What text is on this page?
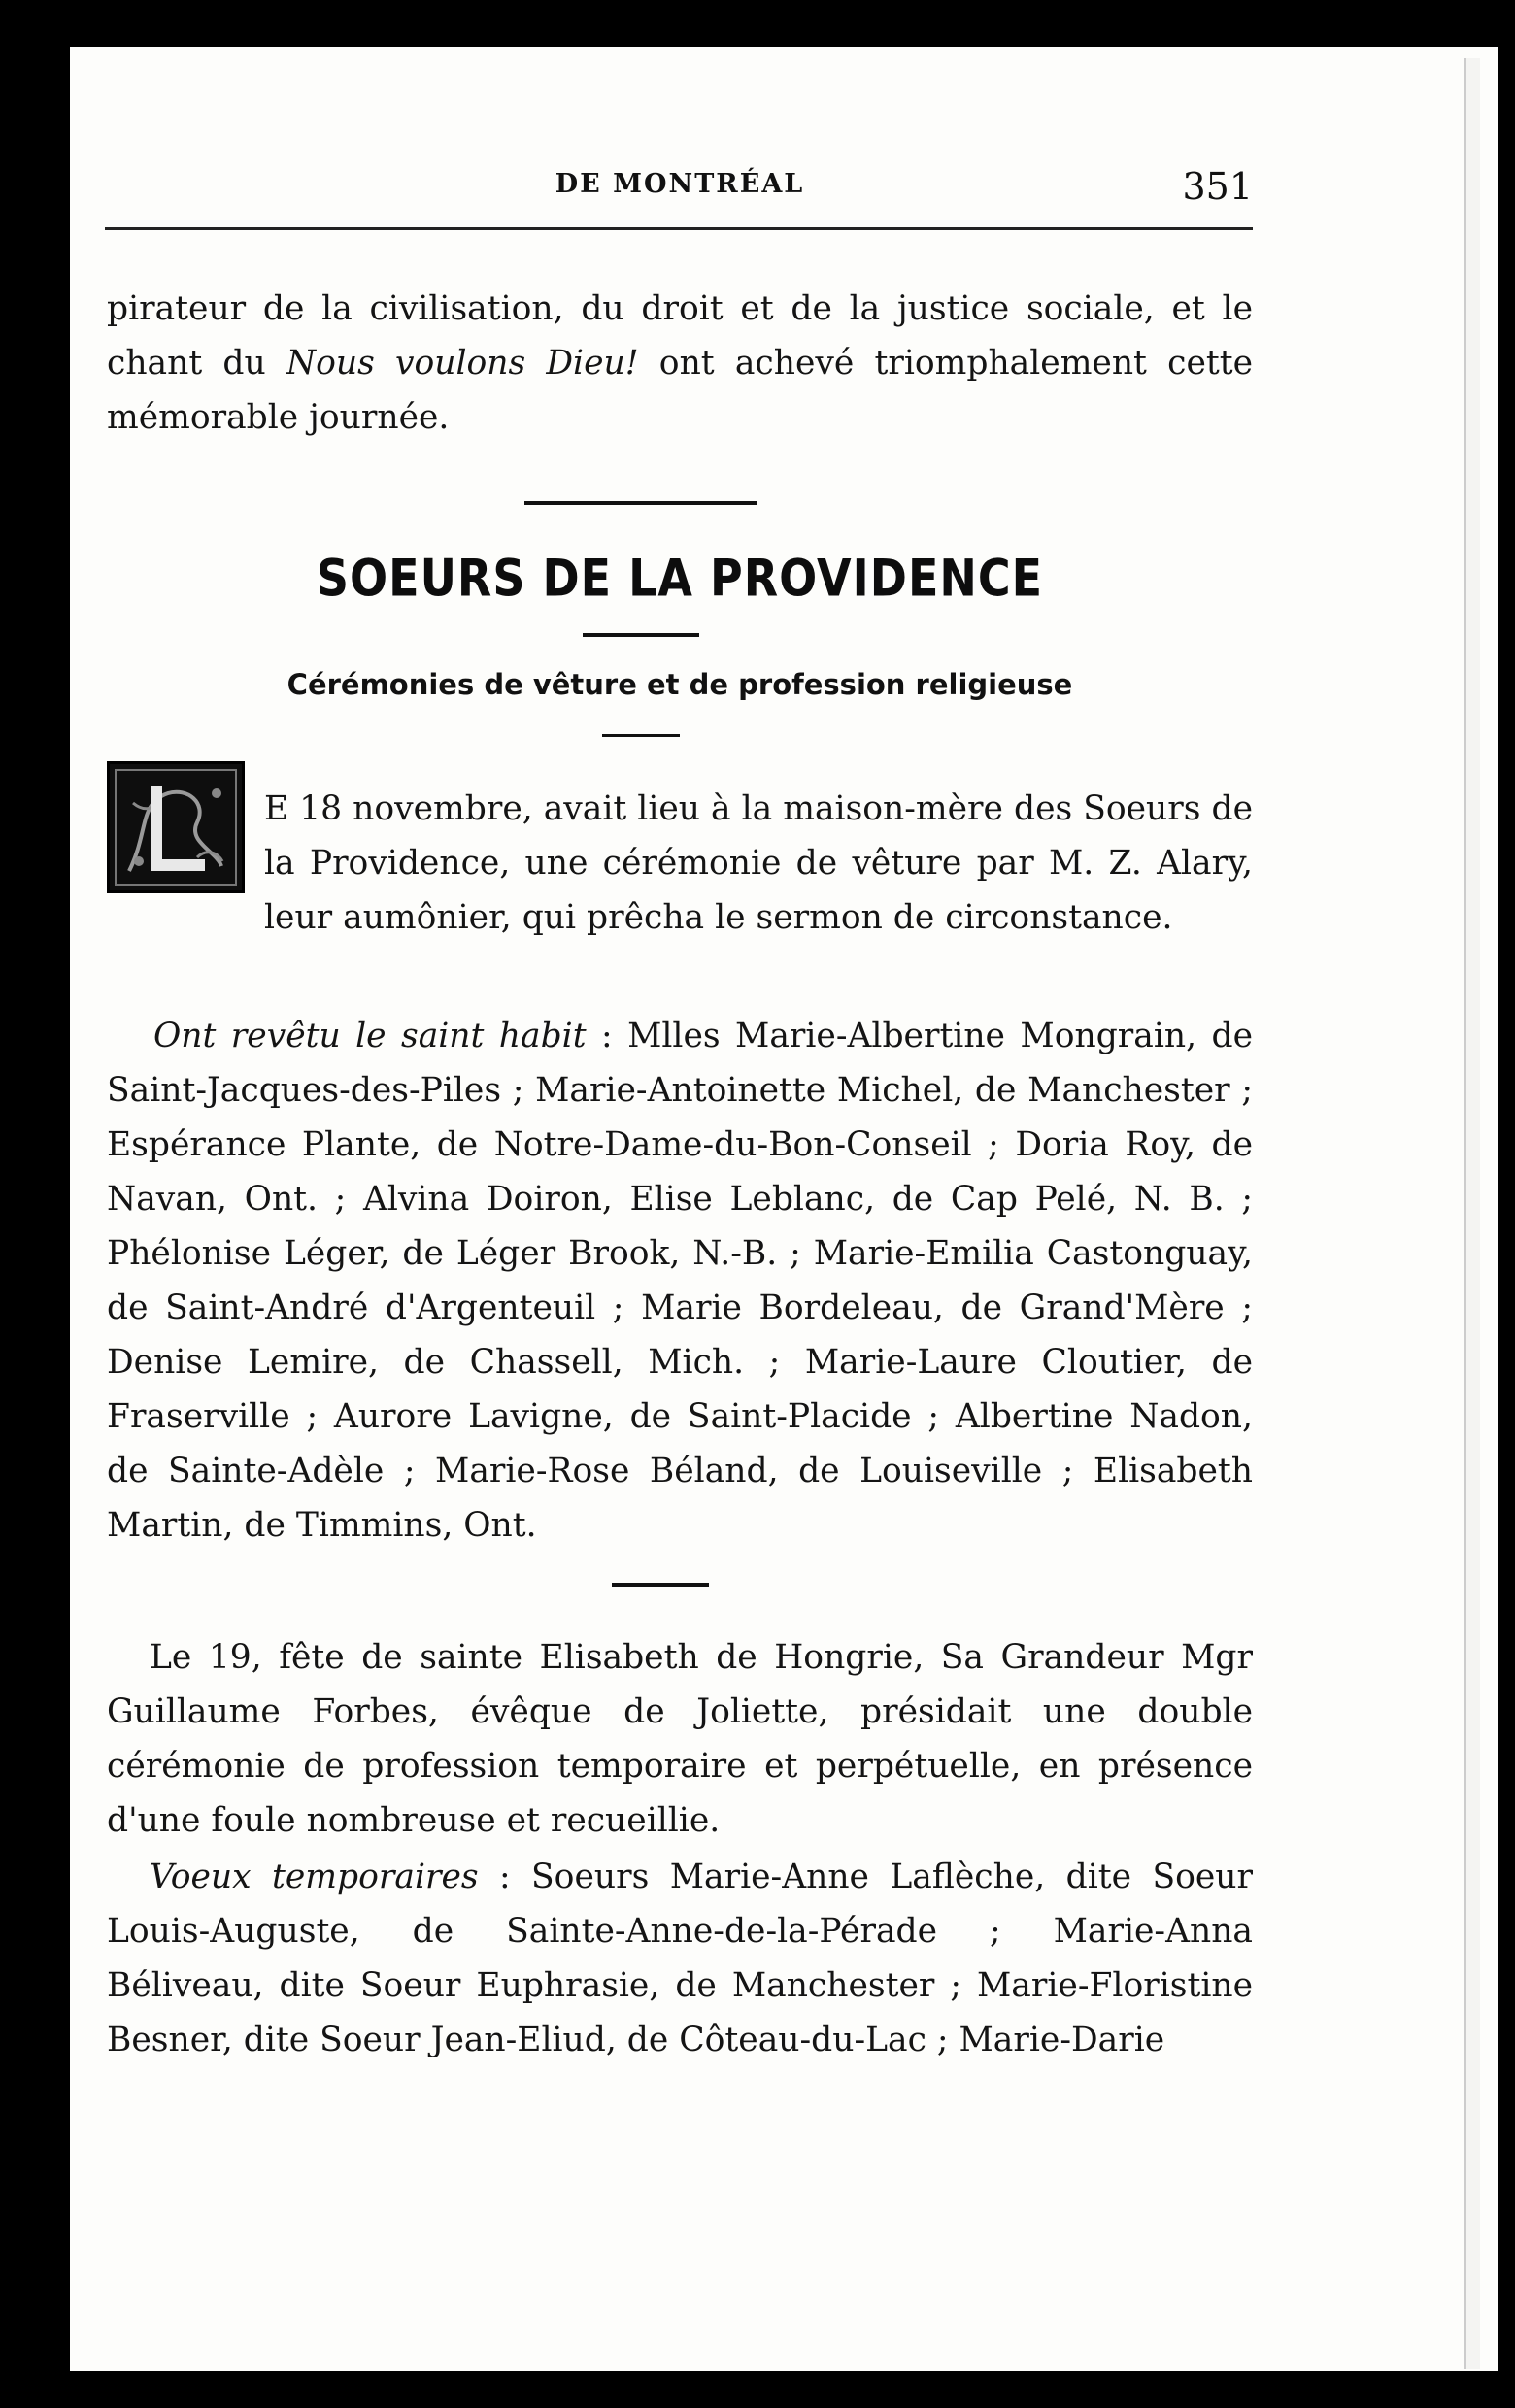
DE MONTRÉAL	351

pirateur de la civilisation, du droit et de la justice sociale, et le chant du Nous voulons Dieu! ont achevé triomphalement cette mémorable journée.

SOEURS DE LA PROVIDENCE
Cérémonies de vêture et de profession religieuse

E 18 novembre, avait lieu à la maison-mère des Soeurs de la Providence, une cérémonie de vêture par M. Z. Alary, leur aumônier, qui prêcha le sermon de circonstance.

Ont revêtu le saint habit : Mlles Marie-Albertine Mongrain, de Saint-Jacques-des-Piles ; Marie-Antoinette Michel, de Manchester ; Espérance Plante, de Notre-Dame-du-Bon-Conseil ; Doria Roy, de Navan, Ont. ; Alvina Doiron, Elise Leblanc, de Cap Pelé, N. B. ; Phélonise Léger, de Léger Brook, N.-B. ; Marie-Emilia Castonguay, de Saint-André d'Argenteuil ; Marie Bordeleau, de Grand'Mère ; Denise Lemire, de Chassell, Mich. ; Marie-Laure Cloutier, de Fraserville ; Aurore Lavigne, de Saint-Placide ; Albertine Nadon, de Sainte-Adèle ; Marie-Rose Béland, de Louiseville ; Elisabeth Martin, de Timmins, Ont.

Le 19, fête de sainte Elisabeth de Hongrie, Sa Grandeur Mgr Guillaume Forbes, évêque de Joliette, présidait une double cérémonie de profession temporaire et perpétuelle, en présence d'une foule nombreuse et recueillie.

Voeux temporaires : Soeurs Marie-Anne Laflèche, dite Soeur Louis-Auguste, de Sainte-Anne-de-la-Pérade ; Marie-Anna Béliveau, dite Soeur Euphrasie, de Manchester ; Marie-Floristine Besner, dite Soeur Jean-Eliud, de Côteau-du-Lac ; Marie-Darie
